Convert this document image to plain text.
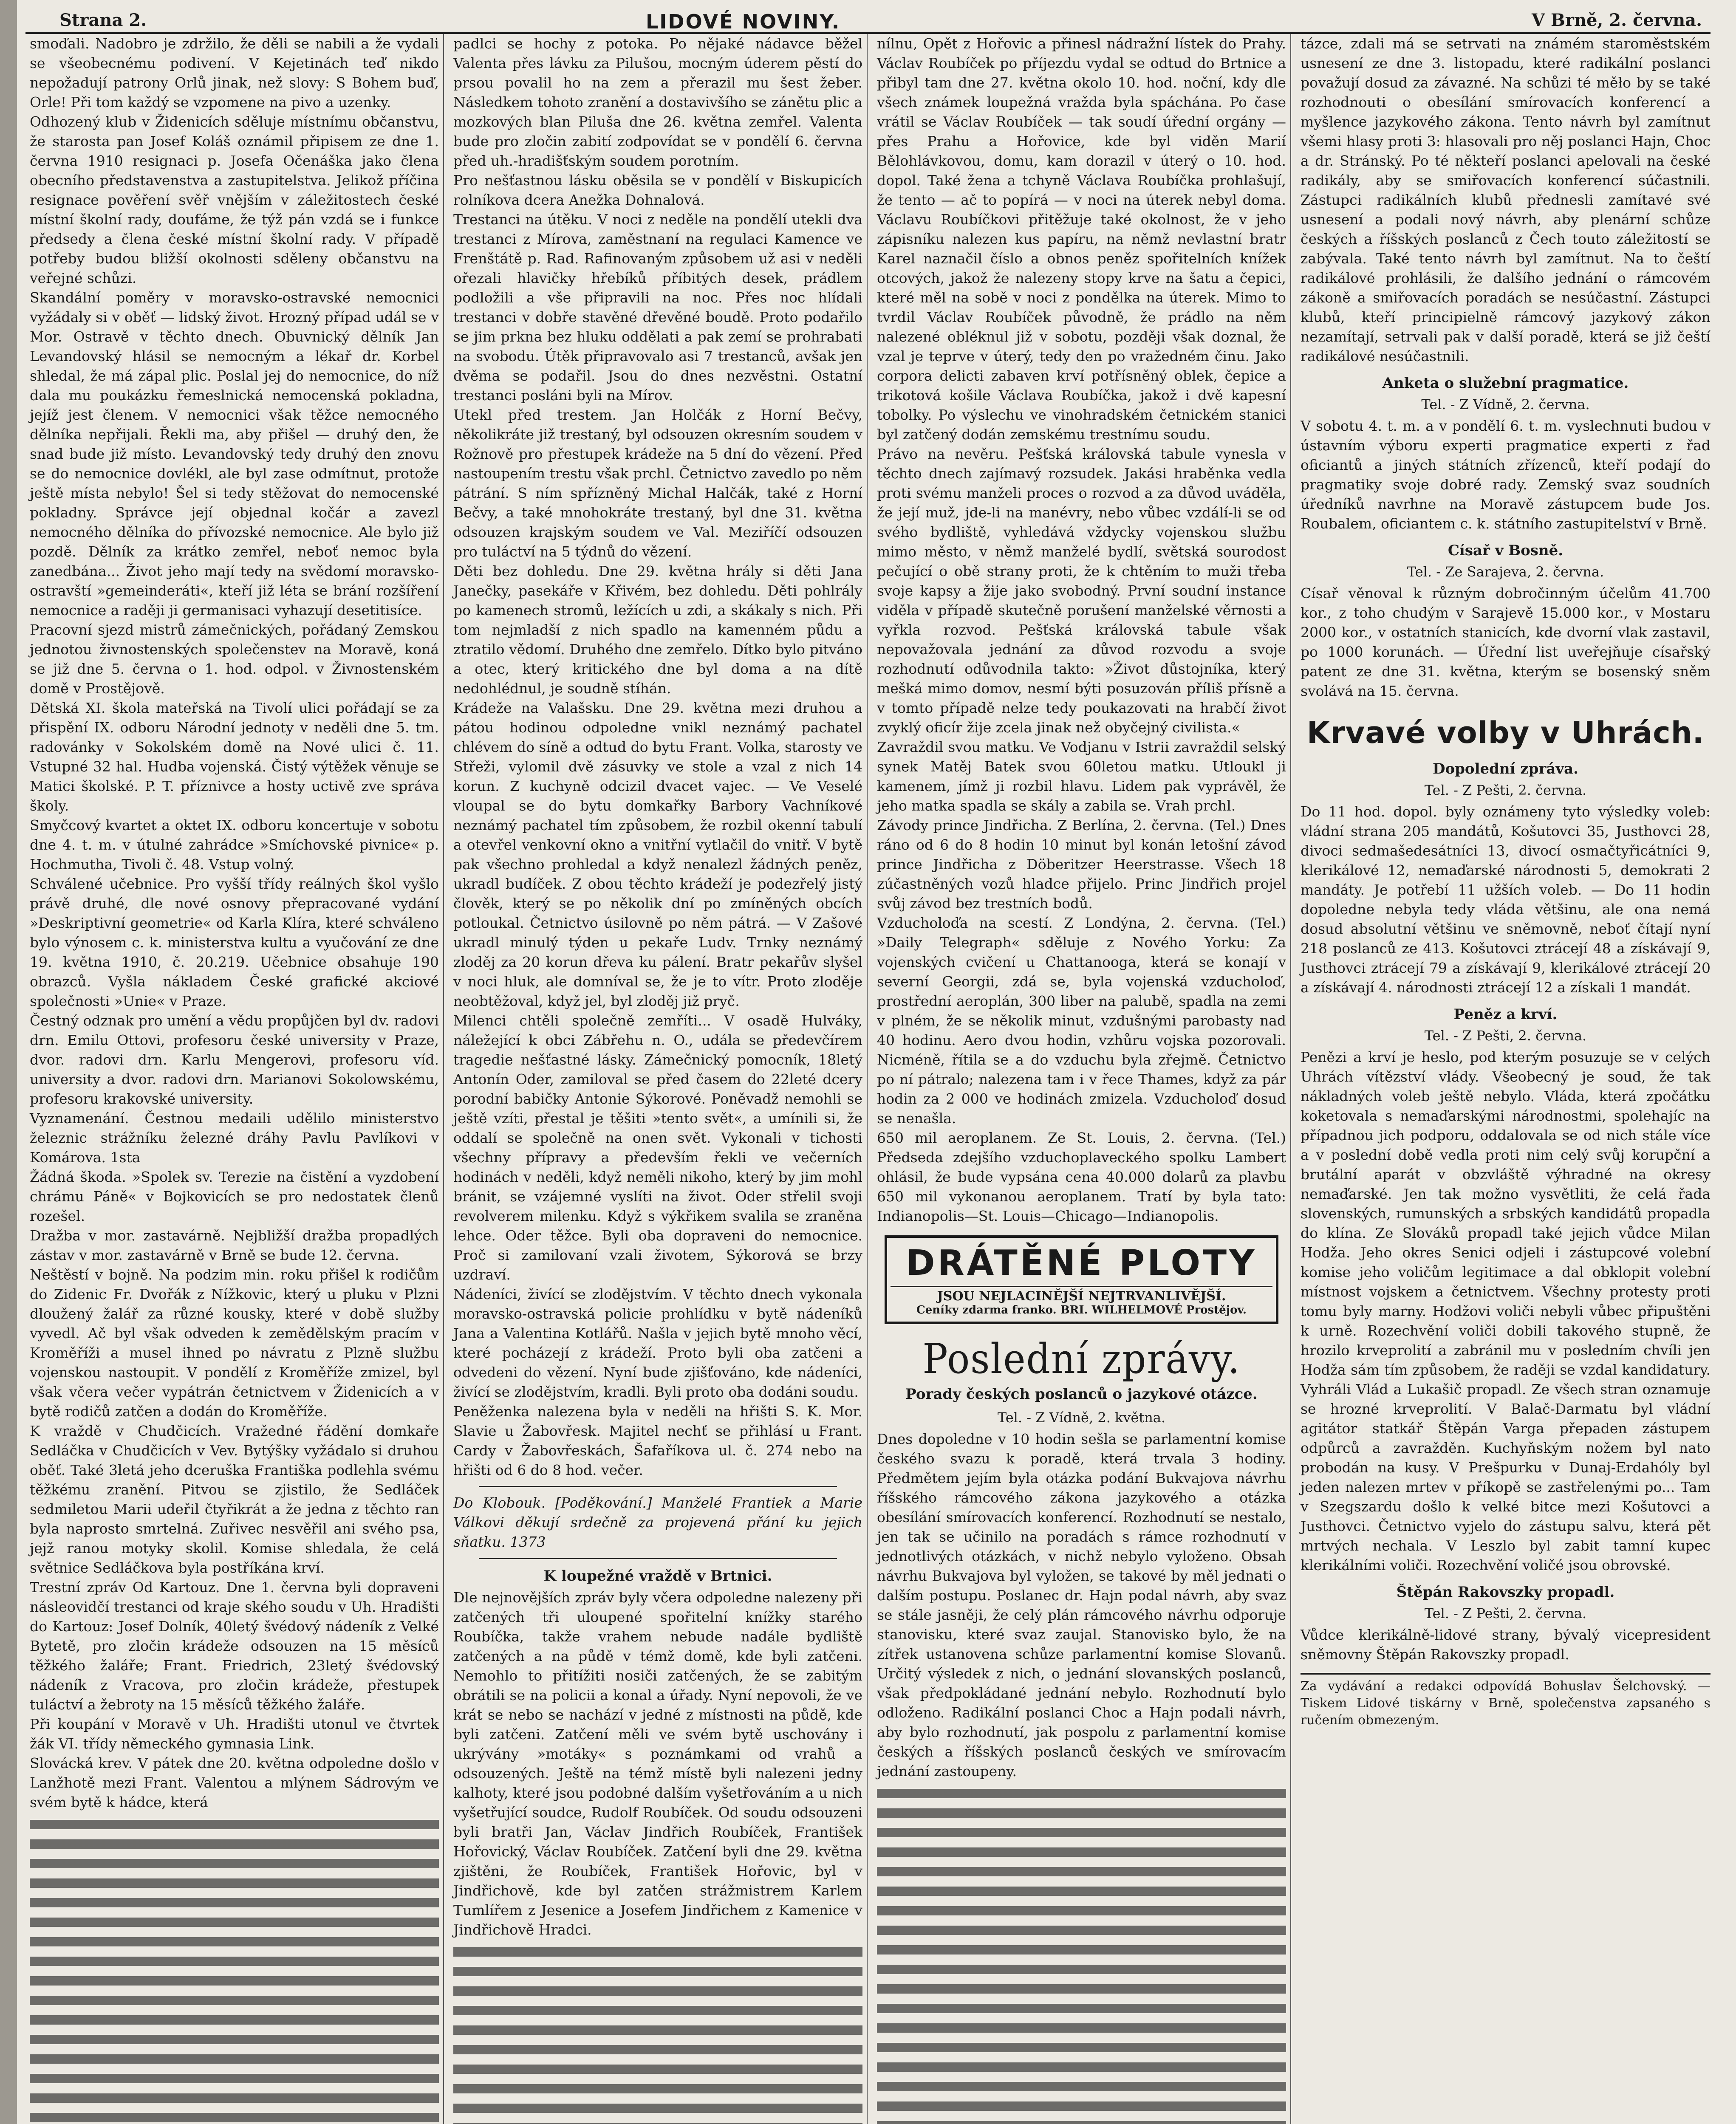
Strana 2.	LIDOVÉ NOVINY.	V Brně, 2. června.

smoďali. Nadobro je zdržilo, že děli se nabili a že vydali se všeobecnému podivení. V Kejetinách teď nikdo nepožadují patrony Orlů jinak, než slovy: S Bohem buď, Orle! Při tom každý se vzpomene na pivo a uzenky.

Odhozený klub v Židenicích sděluje místnímu občanstvu, že starosta pan Josef Koláš oznámil připisem ze dne 1. června 1910 resignaci p. Josefa Očenáška jako člena obecního představenstva a zastupitelstva. Jelikož příčina resignace pověření svěř vnějším v záležitostech české místní školní rady, doufáme, že týž pán vzdá se i funkce předsedy a člena české místní školní rady. V případě potřeby budou bližší okolnosti sděleny občanstvu na veřejné schůzi.

Skandální poměry v moravsko-ostravské nemocnici vyžádaly si v oběť — lidský život. Hrozný případ udál se v Mor. Ostravě v těchto dnech. Obuvnický dělník Jan Levandovský hlásil se nemocným a lékař dr. Korbel shledal, že má zápal plic. Poslal jej do nemocnice, do níž dala mu poukázku řemeslnická nemocenská pokladna, jejíž jest členem. V nemocnici však těžce nemocného dělníka nepřijali. Řekli ma, aby přišel — druhý den, že snad bude již místo. Levandovský tedy druhý den znovu se do nemocnice dovlékl, ale byl zase odmítnut, protože ještě místa nebylo! Šel si tedy stěžovat do nemocenské pokladny. Správce její objednal kočár a zavezl nemocného dělníka do přívozské nemocnice. Ale bylo již pozdě. Dělník za krátko zemřel, neboť nemoc byla zanedbána... Život jeho mají tedy na svědomí moravsko-ostravští »gemeinderáti«, kteří již léta se brání rozšíření nemocnice a raději ji germanisaci vyhazují desetitisíce.

Pracovní sjezd mistrů zámečnických, pořádaný Zemskou jednotou živnostenských společenstev na Moravě, koná se již dne 5. června o 1. hod. odpol. v Živnostenském domě v Prostějově.

Dětská XI. škola mateřská na Tivolí ulici pořádají se za přispění IX. odboru Národní jednoty v neděli dne 5. tm. radovánky v Sokolském domě na Nové ulici č. 11. Vstupné 32 hal. Hudba vojenská. Čistý výtěžek věnuje se Matici školské. P. T. příznivce a hosty uctivě zve správa školy.

Smyčcový kvartet a oktet IX. odboru koncertuje v sobotu dne 4. t. m. v útulné zahrádce »Smíchovské pivnice« p. Hochmutha, Tivoli č. 48. Vstup volný.

Schválené učebnice. Pro vyšší třídy reálných škol vyšlo právě druhé, dle nové osnovy přepracované vydání »Deskriptivní geometrie« od Karla Klíra, které schváleno bylo výnosem c. k. ministerstva kultu a vyučování ze dne 19. května 1910, č. 20.219. Učebnice obsahuje 190 obrazců. Vyšla nákladem České grafické akciové společnosti »Unie« v Praze.

Čestný odznak pro umění a vědu propůjčen byl dv. radovi drn. Emilu Ottovi, profesoru české university v Praze, dvor. radovi drn. Karlu Mengerovi, profesoru víd. university a dvor. radovi drn. Marianovi Sokolowskému, profesoru krakovské university.

Vyznamenání. Čestnou medaili udělilo ministerstvo železnic strážníku železné dráhy Pavlu Pavlíkovi v Komárova. 1sta

Žádná škoda. »Spolek sv. Terezie na čistění a vyzdobení chrámu Páně« v Bojkovicích se pro nedostatek členů rozešel.

Dražba v mor. zastavárně. Nejbližší dražba propadlých zástav v mor. zastavárně v Brně se bude 12. června.

Neštěstí v bojně. Na podzim min. roku přišel k rodičům do Zidenic Fr. Dvořák z Nížkovic, který u pluku v Plzni dloužený žalář za různé kousky, které v době služby vyvedl. Ač byl však odveden k zemědělským pracím v Kroměříži a musel ihned po návratu z Plzně službu vojenskou nastoupit. V pondělí z Kroměříže zmizel, byl však včera večer vypátrán četnictvem v Židenicích a v bytě rodičů zatčen a dodán do Kroměříže.

K vraždě v Chudčicích. Vražedné řádění domkaře Sedláčka v Chudčicích v Vev. Bytýšky vyžádalo si druhou oběť. Také 3letá jeho dceruška Františka podlehla svému těžkému zranění. Pitvou se zjistilo, že Sedláček sedmiletou Marii udeřil čtyřikrát a že jedna z těchto ran byla naprosto smrtelná. Zuřivec nesvěřil ani svého psa, jejž ranou motyky skolil. Komise shledala, že celá světnice Sedláčkova byla postříkána krví.

Trestní zpráv Od Kartouz. Dne 1. června byli dopraveni násleovidčí trestanci od kraje ského soudu v Uh. Hradišti do Kartouz: Josef Dolník, 40letý švédový nádeník z Velké Bytetě, pro zločin krádeže odsouzen na 15 měsíců těžkého žaláře; Frant. Friedrich, 23letý švédovský nádeník z Vracova, pro zločin krádeže, přestupek tuláctví a žebroty na 15 měsíců těžkého žaláře.

Při koupání v Moravě v Uh. Hradišti utonul ve čtvrtek žák VI. třídy německého gymnasia Link.

Slovácká krev. V pátek dne 20. května odpoledne došlo v Lanžhotě mezi Frant. Valentou a mlýnem Sádrovým ve svém bytě k hádce, která

padlci se hochy z potoka. Po nějaké nádavce běžel Valenta přes lávku za Pilušou, mocným úderem pěstí do prsou povalil ho na zem a přerazil mu šest žeber. Následkem tohoto zranění a dostavivšího se zánětu plic a mozkových blan Piluša dne 26. května zemřel. Valenta bude pro zločin zabití zodpovídat se v pondělí 6. června před uh.-hradišťským soudem porotním.

Pro nešťastnou lásku oběsila se v pondělí v Biskupicích rolníkova dcera Anežka Dohnalová.

Trestanci na útěku. V noci z neděle na pondělí utekli dva trestanci z Mírova, zaměstnaní na regulaci Kamence ve Frenštátě p. Rad. Rafinovaným způsobem už asi v neděli ořezali hlavičky hřebíků příbitých desek, prádlem podložili a vše připravili na noc. Přes noc hlídali trestanci v dobře stavěné dřevěné boudě. Proto podařilo se jim prkna bez hluku oddělati a pak zemí se prohrabati na svobodu. Útěk připravovalo asi 7 trestanců, avšak jen dvěma se podařil. Jsou do dnes nezvěstni. Ostatní trestanci posláni byli na Mírov.

Utekl před trestem. Jan Holčák z Horní Bečvy, několikráte již trestaný, byl odsouzen okresním soudem v Rožnově pro přestupek krádeže na 5 dní do vězení. Před nastoupením trestu však prchl. Četnictvo zavedlo po něm pátrání. S ním spřízněný Michal Halčák, také z Horní Bečvy, a také mnohokráte trestaný, byl dne 31. května odsouzen krajským soudem ve Val. Meziříčí odsouzen pro tuláctví na 5 týdnů do vězení.

Děti bez dohledu. Dne 29. května hrály si děti Jana Janečky, pasekáře v Křivém, bez dohledu. Děti pohlrály po kamenech stromů, ležících u zdi, a skákaly s nich. Při tom nejmladší z nich spadlo na kamenném půdu a ztratilo vědomí. Druhého dne zemřelo. Dítko bylo pitváno a otec, který kritického dne byl doma a na dítě nedohlédnul, je soudně stíhán.

Krádeže na Valašsku. Dne 29. května mezi druhou a pátou hodinou odpoledne vnikl neznámý pachatel chlévem do síně a odtud do bytu Frant. Volka, starosty ve Střeži, vylomil dvě zásuvky ve stole a vzal z nich 14 korun. Z kuchyně odcizil dvacet vajec. — Ve Veselé vloupal se do bytu domkařky Barbory Vachníkové neznámý pachatel tím způsobem, že rozbil okenní tabulí a otevřel venkovní okno a vnitřní vytlačil do vnitř. V bytě pak všechno prohledal a když nenalezl žádných peněz, ukradl budíček. Z obou těchto krádeží je podezřelý jistý člověk, který se po několik dní po zmíněných obcích potloukal. Četnictvo úsilovně po něm pátrá. — V Zašové ukradl minulý týden u pekaře Ludv. Trnky neznámý zloděj za 20 korun dřeva ku pálení. Bratr pekařův slyšel v noci hluk, ale domníval se, že je to vítr. Proto zloděje neobtěžoval, když jel, byl zloděj již pryč.

Milenci chtěli společně zemříti... V osadě Hulváky, náležející k obci Zábřehu n. O., udála se předevčírem tragedie nešťastné lásky. Zámečnický pomocník, 18letý Antonín Oder, zamiloval se před časem do 22leté dcery porodní babičky Antonie Sýkorové. Poněvadž nemohli se ještě vzíti, přestal je těšiti »tento svět«, a umínili si, že oddalí se společně na onen svět. Vykonali v tichosti všechny přípravy a především řekli ve večerních hodinách v neděli, když neměli nikoho, který by jim mohl bránit, se vzájemné vyslíti na život. Oder střelil svoji revolverem milenku. Když s výkřikem svalila se zraněna lehce. Oder těžce. Byli oba dopraveni do nemocnice. Proč si zamilovaní vzali životem, Sýkorová se brzy uzdraví.

Nádeníci, živící se zlodějstvím. V těchto dnech vykonala moravsko-ostravská policie prohlídku v bytě nádeníků Jana a Valentina Kotlářů. Našla v jejich bytě mnoho věcí, které pocházejí z krádeží. Proto byli oba zatčeni a odvedeni do vězení. Nyní bude zjišťováno, kde nádeníci, živící se zlodějstvím, kradli. Byli proto oba dodáni soudu.

Peněženka nalezena byla v neděli na hřišti S. K. Mor. Slavie u Žabovřesk. Majitel nechť se přihlásí u Frant. Cardy v Žabovřeskách, Šafaříkova ul. č. 274 nebo na hřišti od 6 do 8 hod. večer.

Do Klobouk. [Poděkování.] Manželé Frantiek a Marie Válkovi děkují srdečně za projevená přání ku jejich sňatku. 1373

K loupežné vraždě v Brtnici.

Dle nejnovějších zpráv byly včera odpoledne nalezeny při zatčených tři uloupené spořitelní knížky starého Roubíčka, takže vrahem nebude nadále bydliště zatčených a na půdě v témž domě, kde byli zatčeni. Nemohlo to přitížiti nosiči zatčených, že se zabitým obrátili se na policii a konal a úřady. Nyní nepovoli, že ve krát se nebo se nachází v jedné z místnosti na půdě, kde byli zatčeni. Zatčení měli ve svém bytě uschovány i ukrývány »motáky« s poznámkami od vrahů a odsouzených. Ještě na témž místě byli nalezeni jedny kalhoty, které jsou podobné dalším vyšetřováním a u nich vyšetřující soudce, Rudolf Roubíček. Od soudu odsouzeni byli bratři Jan, Václav Jindřich Roubíček, František Hořovický, Václav Roubíček. Zatčení byli dne 29. května zjištěni, že Roubíček, František Hořovic, byl v Jindřichově, kde byl zatčen strážmistrem Karlem Tumlířem z Jesenice a Josefem Jindřichem z Kamenice v Jindřichově Hradci.

nílnu, Opět z Hořovic a přinesl nádražní lístek do Prahy. Václav Roubíček po příjezdu vydal se odtud do Brtnice a přibyl tam dne 27. května okolo 10. hod. noční, kdy dle všech známek loupežná vražda byla spáchána. Po čase vrátil se Václav Roubíček — tak soudí úřední orgány — přes Prahu a Hořovice, kde byl viděn Marií Bělohlávkovou, domu, kam dorazil v úterý o 10. hod. dopol. Také žena a tchyně Václava Roubíčka prohlašují, že tento — ač to popírá — v noci na úterek nebyl doma. Václavu Roubíčkovi přitěžuje také okolnost, že v jeho zápisníku nalezen kus papíru, na němž nevlastní bratr Karel naznačil číslo a obnos peněz spořitelních knížek otcových, jakož že nalezeny stopy krve na šatu a čepici, které měl na sobě v noci z pondělka na úterek. Mimo to tvrdil Václav Roubíček původně, že prádlo na něm nalezené obléknul již v sobotu, později však doznal, že vzal je teprve v úterý, tedy den po vražedném činu. Jako corpora delicti zabaven krví potřísněný oblek, čepice a trikotová košile Václava Roubíčka, jakož i dvě kapesní tobolky. Po výslechu ve vinohradském četnickém stanici byl zatčený dodán zemskému trestnímu soudu.

Právo na nevěru. Pešťská královská tabule vynesla v těchto dnech zajímavý rozsudek. Jakási hraběnka vedla proti svému manželi proces o rozvod a za důvod uváděla, že její muž, jde-li na manévry, nebo vůbec vzdálí-li se od svého bydliště, vyhledává vždycky vojenskou službu mimo město, v němž manželé bydlí, světská sourodost pečující o obě strany proti, že k chtěním to muži třeba svoje kapsy a žije jako svobodný. První soudní instance viděla v případě skutečně porušení manželské věrnosti a vyřkla rozvod. Pešťská královská tabule však nepovažovala jednání za důvod rozvodu a svoje rozhodnutí odůvodnila takto: »Život důstojníka, který mešká mimo domov, nesmí býti posuzován příliš přísně a v tomto případě nelze tedy poukazovati na hrabčí život zvyklý oficír žije zcela jinak než obyčejný civilista.«

Zavraždil svou matku. Ve Vodjanu v Istrii zavraždil selský synek Matěj Batek svou 60letou matku. Utloukl ji kamenem, jímž ji rozbil hlavu. Lidem pak vyprávěl, že jeho matka spadla se skály a zabila se. Vrah prchl.

Závody prince Jindřicha. Z Berlína, 2. června. (Tel.) Dnes ráno od 6 do 8 hodin 10 minut byl konán letošní závod prince Jindřicha z Döberitzer Heerstrasse. Všech 18 zúčastněných vozů hladce přijelo. Princ Jindřich projel svůj závod bez trestních bodů.

Vzducholoďa na scestí. Z Londýna, 2. června. (Tel.) »Daily Telegraph« sděluje z Nového Yorku: Za vojenských cvičení u Chattanooga, která se konají v severní Georgii, zdá se, byla vojenská vzducholoď, prostřední aeroplán, 300 liber na palubě, spadla na zemi v plném, že se několik minut, vzdušnými parobasty nad 40 hodinu. Aero dvou hodin, vzhůru vojska pozorovali. Nicméně, řítila se a do vzduchu byla zřejmě. Četnictvo po ní pátralo; nalezena tam i v řece Thames, když za pár hodin za 2 000 ve hodinách zmizela. Vzducholoď dosud se nenašla.

650 mil aeroplanem. Ze St. Louis, 2. června. (Tel.) Předseda zdejšího vzduchoplaveckého spolku Lambert ohlásil, že bude vypsána cena 40.000 dolarů za plavbu 650 mil vykonanou aeroplanem. Tratí by byla tato: Indianopolis—St. Louis—Chicago—Indianopolis.

DRÁTĚNÉ PLOTY
JSOU NEJLACINĚJŠÍ NEJTRVANLIVĚJŠÍ.
Ceníky zdarma franko. BRI. WILHELMOVÉ Prostějov.
Poslední zprávy.
Porady českých poslanců o jazykové otázce.
Tel. - Z Vídně, 2. května.

Dnes dopoledne v 10 hodin sešla se parlamentní komise českého svazu k poradě, která trvala 3 hodiny. Předmětem jejím byla otázka podání Bukvajova návrhu říšského rámcového zákona jazykového a otázka obesílání smírovacích konferencí. Rozhodnutí se nestalo, jen tak se učinilo na poradách s rámce rozhodnutí v jednotlivých otázkách, v nichž nebylo vyloženo. Obsah návrhu Bukvajova byl vyložen, se takové by měl jednati o dalším postupu. Poslanec dr. Hajn podal návrh, aby svaz se stále jasněji, že celý plán rámcového návrhu odporuje stanovisku, které svaz zaujal. Stanovisko bylo, že na zítřek ustanovena schůze parlamentní komise Slovanů. Určitý výsledek z nich, o jednání slovanských poslanců, však předpokládané jednání nebylo. Rozhodnutí bylo odloženo. Radikální poslanci Choc a Hajn podali návrh, aby bylo rozhodnutí, jak pospolu z parlamentní komise českých a říšských poslanců českých ve smírovacím jednání zastoupeny.

tázce, zdali má se setrvati na známém staroměstském usnesení ze dne 3. listopadu, které radikální poslanci považují dosud za závazné. Na schůzi té měło by se také rozhodnouti o obesílání smírovacích konferencí a myšlence jazykového zákona. Tento návrh byl zamítnut všemi hlasy proti 3: hlasovali pro něj poslanci Hajn, Choc a dr. Stránský. Po té někteří poslanci apelovali na české radikály, aby se smiřovacích konferencí súčastnili. Zástupci radikálních klubů přednesli zamítavé své usnesení a podali nový návrh, aby plenární schůze českých a říšských poslanců z Čech touto záležitostí se zabývala. Také tento návrh byl zamítnut. Na to čeští radikálové prohlásili, že dalšího jednání o rámcovém zákoně a smiřovacích poradách se nesúčastní. Zástupci klubů, kteří principielně rámcový jazykový zákon nezamítají, setrvali pak v další poradě, která se již čeští radikálové nesúčastnili.

Anketa o služební pragmatice.
Tel. - Z Vídně, 2. června.

V sobotu 4. t. m. a v pondělí 6. t. m. vyslechnuti budou v ústavním výboru experti pragmatice experti z řad oficiantů a jiných státních zřízenců, kteří podají do pragmatiky svoje dobré rady. Zemský svaz soudních úředníků navrhne na Moravě zástupcem bude Jos. Roubalem, oficiantem c. k. státního zastupitelství v Brně.

Císař v Bosně.
Tel. - Ze Sarajeva, 2. června.

Císař věnoval k různým dobročinným účelům 41.700 kor., z toho chudým v Sarajevě 15.000 kor., v Mostaru 2000 kor., v ostatních stanicích, kde dvorní vlak zastavil, po 1000 korunách. — Úřední list uveřejňuje císařský patent ze dne 31. května, kterým se bosenský sněm svolává na 15. června.

Krvavé volby v Uhrách.
Dopolední zpráva.
Tel. - Z Pešti, 2. června.

Do 11 hod. dopol. byly oznámeny tyto výsledky voleb: vládní strana 205 mandátů, Košutovci 35, Justhovci 28, divoci sedmašedesátníci 13, divocí osmačtyřicátníci 9, klerikálové 12, nemaďarské národnosti 5, demokrati 2 mandáty. Je potřebí 11 užších voleb. — Do 11 hodin dopoledne nebyla tedy vláda většinu, ale ona nemá dosud absolutní většinu ve sněmovně, neboť čítají nyní 218 poslanců ze 413. Košutovci ztrácejí 48 a získávají 9, Justhovci ztrácejí 79 a získávají 9, klerikálové ztrácejí 20 a získávají 4. národnosti ztrácejí 12 a získali 1 mandát.

Peněz a krví.
Tel. - Z Pešti, 2. června.

Penězi a krví je heslo, pod kterým posuzuje se v celých Uhrách vítězství vlády. Všeobecný je soud, že tak nákladných voleb ještě nebylo. Vláda, která zpočátku koketovala s nemaďarskými národnostmi, spolehajíc na případnou jich podporu, oddalovala se od nich stále více a v poslední době vedla proti nim celý svůj korupční a brutální aparát v obzvláště výhradné na okresy nemaďarské. Jen tak možno vysvětliti, že celá řada slovenských, rumunských a srbských kandidátů propadla do klína. Ze Slováků propadl také jejich vůdce Milan Hodža. Jeho okres Senici odjeli i zástupcové volební komise jeho voličům legitimace a dal obklopit volební místnost vojskem a četnictvem. Všechny protesty proti tomu byly marny. Hodžovi voliči nebyli vůbec připuštěni k urně. Rozechvění voliči dobili takového stupně, že hrozilo krveprolití a zabránil mu v posledním chvíli jen Hodža sám tím způsobem, že raději se vzdal kandidatury. Vyhráli Vlád a Lukašič propadl. Ze všech stran oznamuje se hrozné krveprolití. V Balač-Darmatu byl vládní agitátor statkář Štěpán Varga přepaden zástupem odpůrců a zavražděn. Kuchyňským nožem byl nato probodán na kusy. V Prešpurku v Dunaj-Erdahóly byl jeden nalezen mrtev v příkopě se zastřelenými po... Tam v Szegszardu došlo k velké bitce mezi Košutovci a Justhovci. Četnictvo vyjelo do zástupu salvu, která pět mrtvých nechala. V Leszlo byl zabit tamní kupec klerikálními voliči. Rozechvění voličé jsou obrovské.

Štěpán Rakovszky propadl.
Tel. - Z Pešti, 2. června.

Vůdce klerikálně-lidové strany, bývalý vicepresident sněmovny Štěpán Rakovszky propadl.

Za vydávání a redakci odpovídá Bohuslav Šelchovský. — Tiskem Lidové tiskárny v Brně, společenstva zapsaného s ručením obmezeným.
